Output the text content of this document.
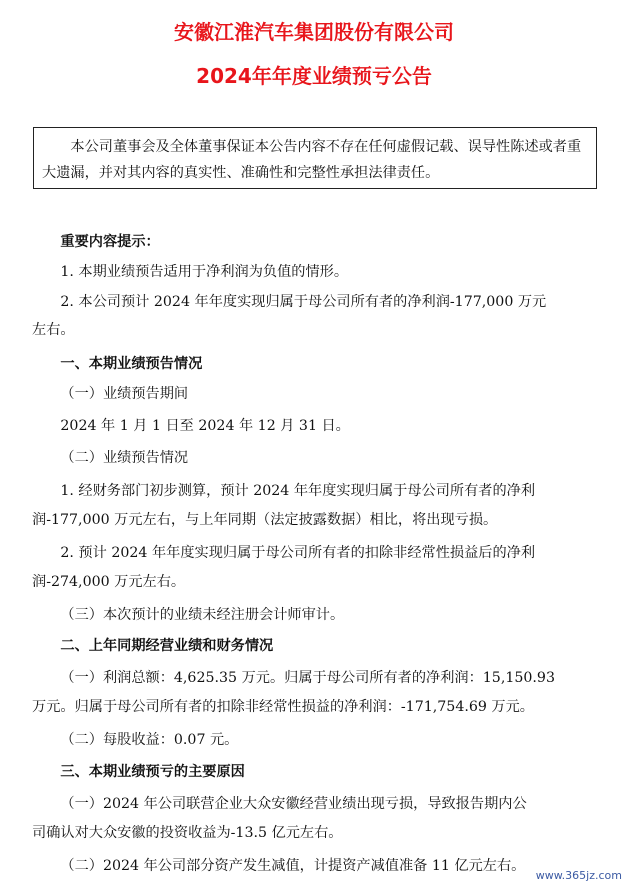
安徽江淮汽车集团股份有限公司
2024年年度业绩预亏公告
本公司董事会及全体董事保证本公告内容不存在任何虚假记载、误导性陈述或者重大遗漏，并对其内容的真实性、准确性和完整性承担法律责任。
重要内容提示：
1. 本期业绩预告适用于净利润为负值的情形。
2. 本公司预计 2024 年年度实现归属于母公司所有者的净利润-177,000 万元
左右。
一、本期业绩预告情况
（一）业绩预告期间
2024 年 1 月 1 日至 2024 年 12 月 31 日。
（二）业绩预告情况
1. 经财务部门初步测算，预计 2024 年年度实现归属于母公司所有者的净利
润-177,000 万元左右，与上年同期（法定披露数据）相比，将出现亏损。
2. 预计 2024 年年度实现归属于母公司所有者的扣除非经常性损益后的净利
润-274,000 万元左右。
（三）本次预计的业绩未经注册会计师审计。
二、上年同期经营业绩和财务情况
（一）利润总额：4,625.35 万元。归属于母公司所有者的净利润：15,150.93
万元。归属于母公司所有者的扣除非经常性损益的净利润：-171,754.69 万元。
（二）每股收益：0.07 元。
三、本期业绩预亏的主要原因
（一）2024 年公司联营企业大众安徽经营业绩出现亏损，导致报告期内公
司确认对大众安徽的投资收益为-13.5 亿元左右。
（二）2024 年公司部分资产发生减值，计提资产减值准备 11 亿元左右。
www.365jz.com
